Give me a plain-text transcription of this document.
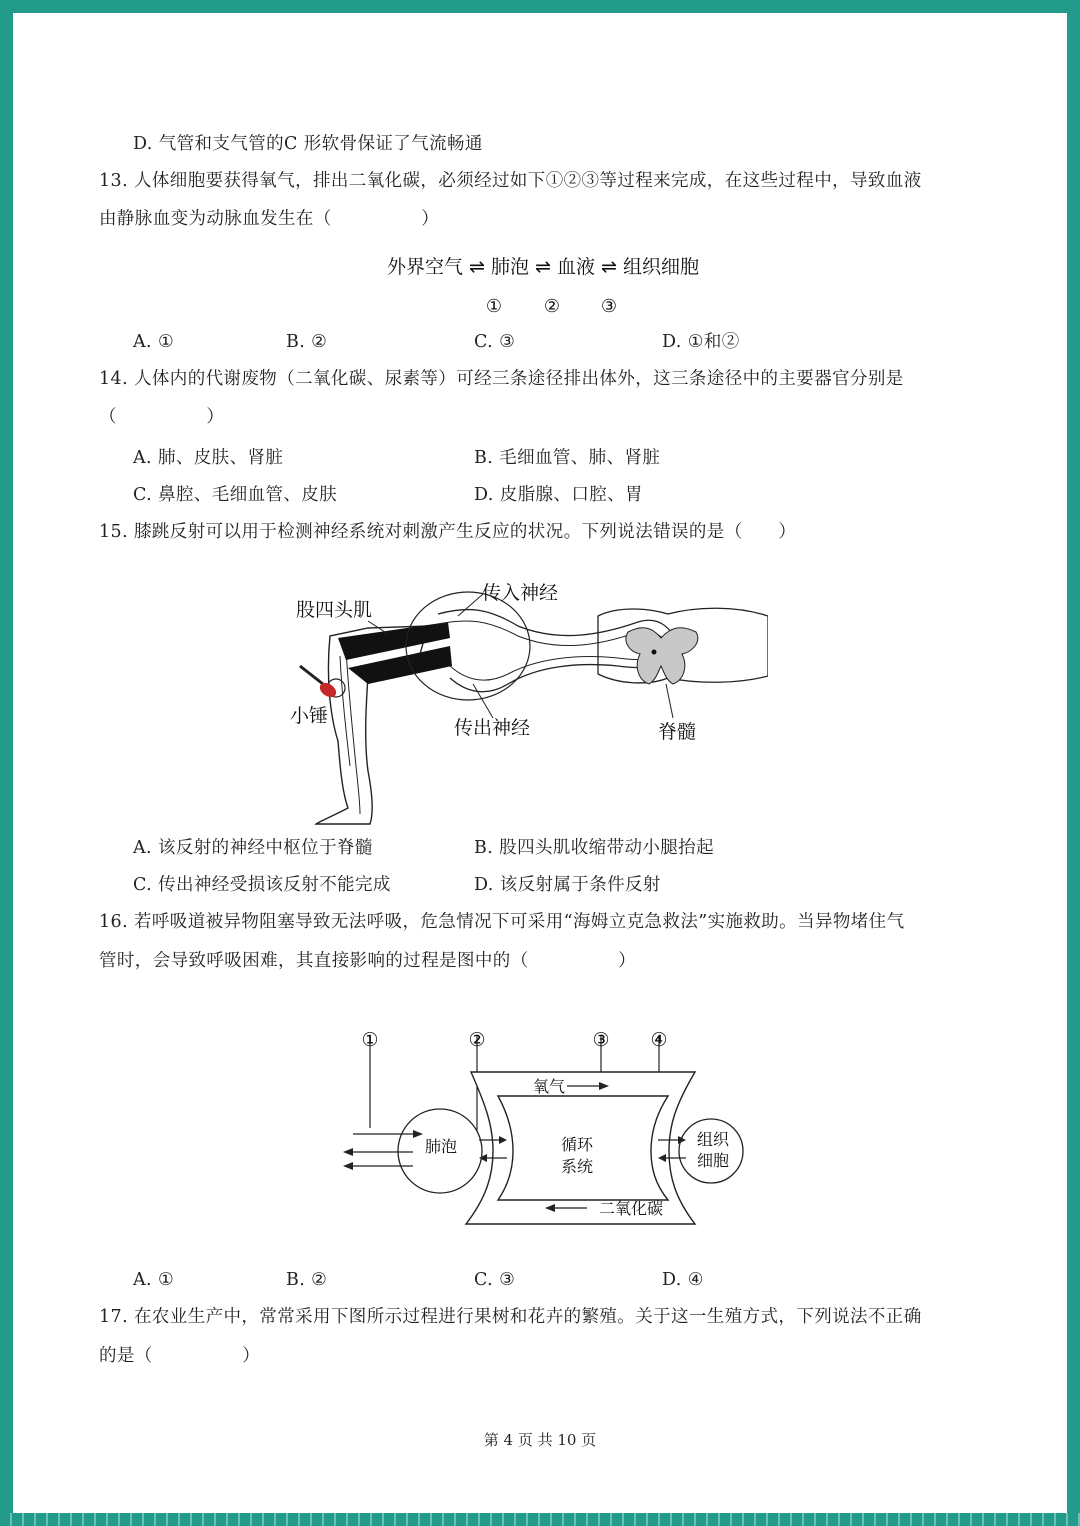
D. 气管和支气管的C 形软骨保证了气流畅通
13. 人体细胞要获得氧气，排出二氧化碳，必须经过如下①②③等过程来完成，在这些过程中，导致血液
由静脉血变为动脉血发生在（　　　　　）
外界空气 ⇌ 肺泡 ⇌ 血液 ⇌ 组织细胞
① ② ③
A. ①	B. ②	C. ③	D. ①和②
14. 人体内的代谢废物（二氧化碳、尿素等）可经三条途径排出体外，这三条途径中的主要器官分别是
（　　　　　）
A. 肺、皮肤、肾脏	B. 毛细血管、肺、肾脏
C. 鼻腔、毛细血管、皮肤	D. 皮脂腺、口腔、胃
15. 膝跳反射可以用于检测神经系统对刺激产生反应的状况。下列说法错误的是（　　）
股四头肌
传入神经
小锤
传出神经	脊髓
A. 该反射的神经中枢位于脊髓	B. 股四头肌收缩带动小腿抬起
C. 传出神经受损该反射不能完成	D. 该反射属于条件反射
16. 若呼吸道被异物阻塞导致无法呼吸，危急情况下可采用“海姆立克急救法”实施救助。当异物堵住气
管时，会导致呼吸困难，其直接影响的过程是图中的（　　　　　）
①	②	③ ④
肺泡
氧气
循环
系统
二氧化碳
组织
细胞
A. ①	B. ②	C. ③	D. ④
17. 在农业生产中，常常采用下图所示过程进行果树和花卉的繁殖。关于这一生殖方式，下列说法不正确
的是（　　　　　）
第 4 页 共 10 页
